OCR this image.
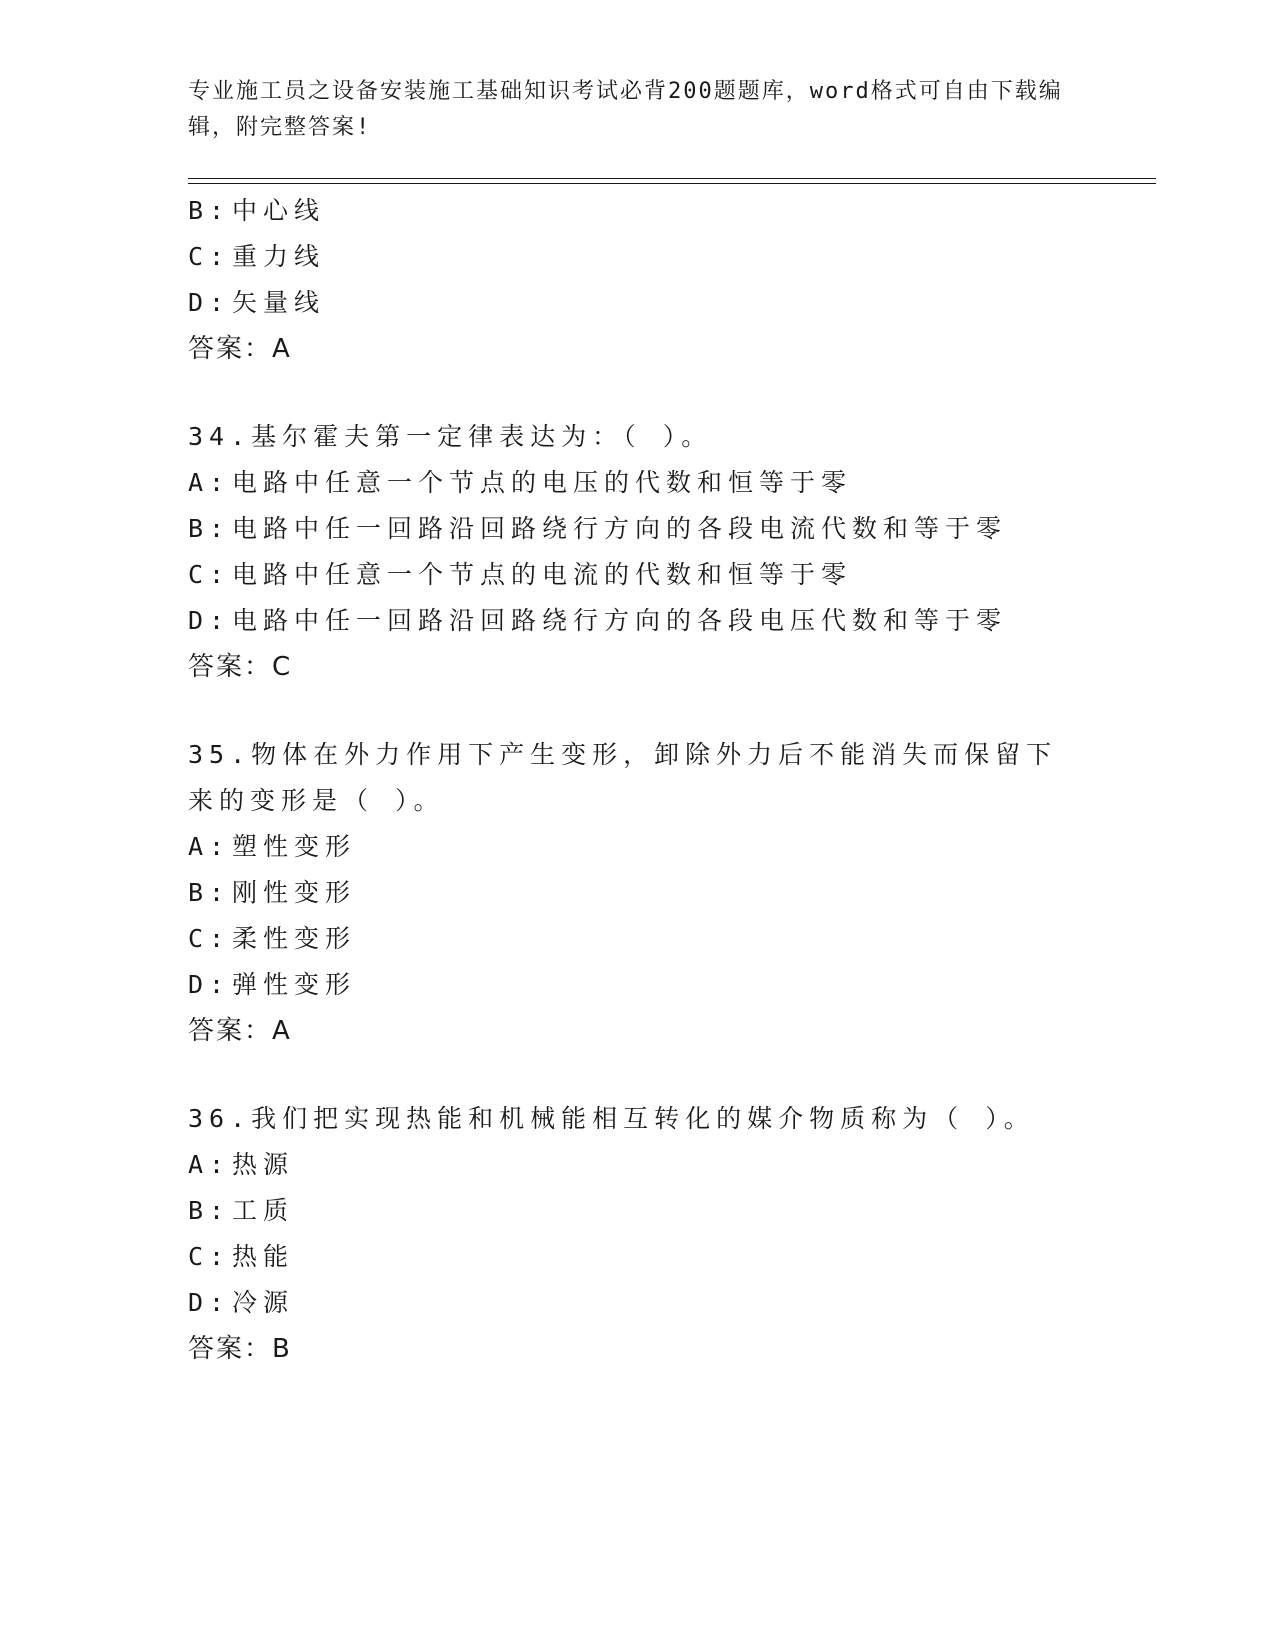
专业施工员之设备安装施工基础知识考试必背200题题库，word格式可自由下载编辑，附完整答案!
B:中心线
C:重力线
D:矢量线
答案：A
34.基尔霍夫第一定律表达为：（ ）。
A:电路中任意一个节点的电压的代数和恒等于零
B:电路中任一回路沿回路绕行方向的各段电流代数和等于零
C:电路中任意一个节点的电流的代数和恒等于零
D:电路中任一回路沿回路绕行方向的各段电压代数和等于零
答案：C
35.物体在外力作用下产生变形，卸除外力后不能消失而保留下来的变形是（ ）。
A:塑性变形
B:刚性变形
C:柔性变形
D:弹性变形
答案：A
36.我们把实现热能和机械能相互转化的媒介物质称为（ ）。
A:热源
B:工质
C:热能
D:冷源
答案：B
